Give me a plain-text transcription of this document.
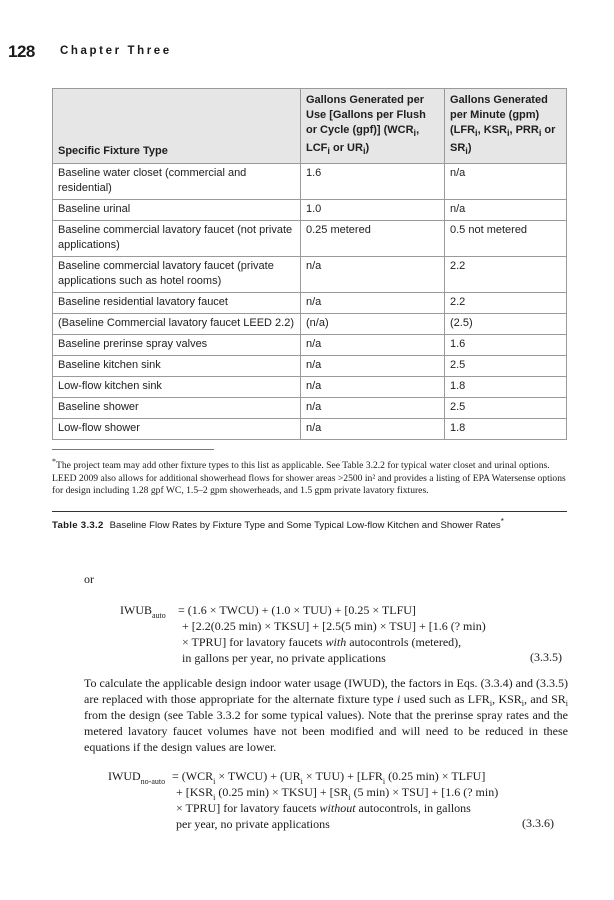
128 Chapter Three
Specific Fixture Type	Gallons Generated per Use [Gallons per Flush or Cycle (gpf)] ($WCR_i$, $LCF_i$ or $UR_i$)	Gallons Generated per Minute (gpm) ($LFR_i$, $KSR_i$, $PRR_i$ or $SR_i$)
Baseline water closet (commercial and residential)	1.6	n/a
Baseline urinal	1.0	n/a
Baseline commercial lavatory faucet (not private applications)	0.25 metered	0.5 not metered
Baseline commercial lavatory faucet (private applications such as hotel rooms)	n/a	2.2
Baseline residential lavatory faucet	n/a	2.2
(Baseline Commercial lavatory faucet LEED 2.2)	(n/a)	(2.5)
Baseline prerinse spray valves	n/a	1.6
Baseline kitchen sink	n/a	2.5
Low-flow kitchen sink	n/a	1.8
Baseline shower	n/a	2.5
Low-flow shower	n/a	1.8

*The project team may add other fixture types to this list as applicable. See Table 3.2.2 for typical water closet and urinal options. LEED 2009 also allows for additional showerhead flows for shower areas >2500 in² and provides a listing of EPA Watersense options for design including 1.28 gpf WC, 1.5–2 gpm showerheads, and 1.5 gpm private lavatory fixtures.

Table 3.3.2 Baseline Flow Rates by Fixture Type and Some Typical Low-flow Kitchen and Shower Rates*
or
$IWUB_{auto} = (1.6$ × TWCU) + (1.0 × TUU) + [0.25 × TLFU]
+ [2.2(0.25 min) × TKSU] + [2.5(5 min) × TSU] + [1.6 (? min)
× TPRU] for lavatory faucets with autocontrols (metered),
in gallons per year, no private applications	(3.3.5)

To calculate the applicable design indoor water usage (IWUD), the factors in Eqs. (3.3.4) and (3.3.5) are replaced with those appropriate for the alternate fixture type i used such as $LFR_i$, $KSR_i$, and $SR_i$ from the design (see Table 3.3.2 for some typical values). Note that the prerinse spray rates and the metered lavatory faucet volumes have not been modified and will need to be reduced in these equations if the design values are lower.

$IWUD_{no-auto} = (WCR_i$ × TWCU) + $(UR_i \times TUU) + [LFR_i$ (0.25 min) × TLFU]
+ [$KSR_i$ (0.25 min) × TKSU] + [$SR_i$ (5 min) × TSU] + [1.6 (? min)
× TPRU] for lavatory faucets without autocontrols, in gallons
per year, no private applications	(3.3.6)
